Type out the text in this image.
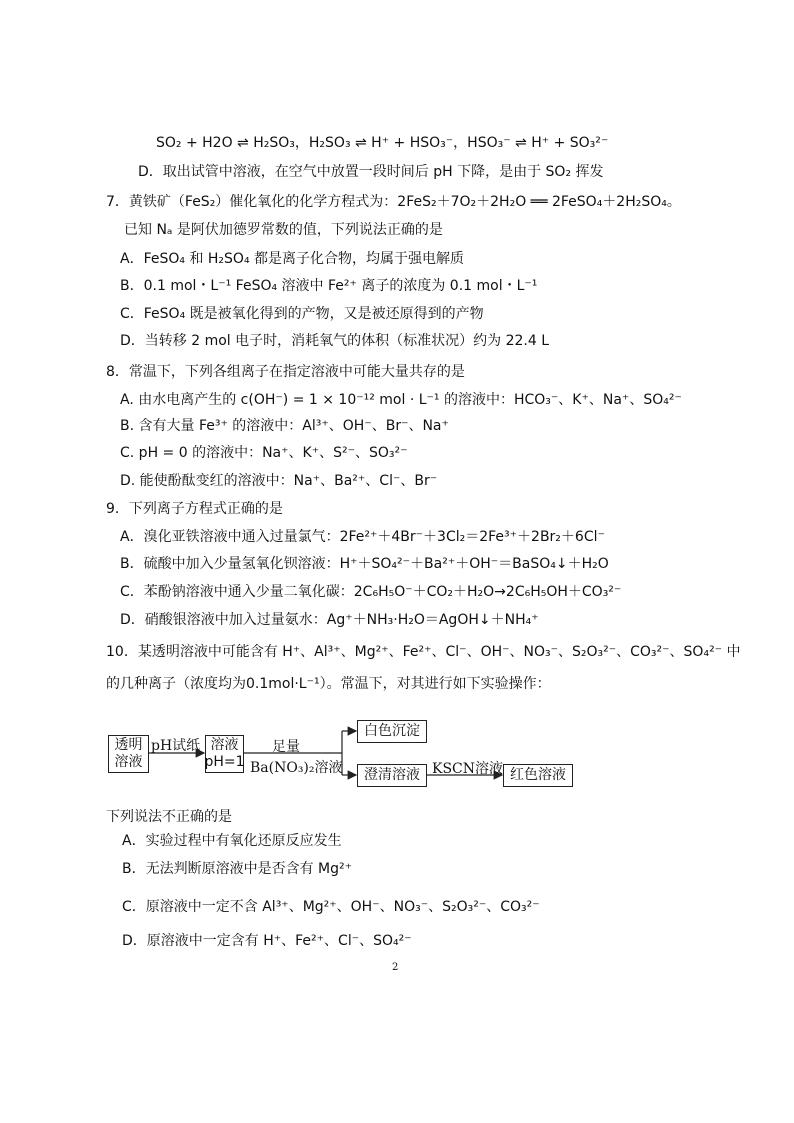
SO₂ + H2O ⇌ H₂SO₃，H₂SO₃ ⇌ H⁺ + HSO₃⁻，HSO₃⁻ ⇌ H⁺ + SO₃²⁻
D．取出试管中溶液，在空气中放置一段时间后 pH 下降，是由于 SO₂ 挥发
7．黄铁矿（FeS₂）催化氧化的化学方程式为：2FeS₂＋7O₂＋2H₂O ══ 2FeSO₄＋2H₂SO₄。
已知 Nₐ 是阿伏加德罗常数的值，下列说法正确的是
A．FeSO₄ 和 H₂SO₄ 都是离子化合物，均属于强电解质
B．0.1 mol・L⁻¹ FeSO₄ 溶液中 Fe²⁺ 离子的浓度为 0.1 mol・L⁻¹
C．FeSO₄ 既是被氧化得到的产物，又是被还原得到的产物
D．当转移 2 mol 电子时，消耗氧气的体积（标准状况）约为 22.4 L
8．常温下，下列各组离子在指定溶液中可能大量共存的是
A. 由水电离产生的 c(OH⁻) = 1 × 10⁻¹² mol · L⁻¹ 的溶液中：HCO₃⁻、K⁺、Na⁺、SO₄²⁻
B. 含有大量 Fe³⁺ 的溶液中：Al³⁺、OH⁻、Br⁻、Na⁺
C. pH = 0 的溶液中：Na⁺、K⁺、S²⁻、SO₃²⁻
D. 能使酚酞变红的溶液中：Na⁺、Ba²⁺、Cl⁻、Br⁻
9．下列离子方程式正确的是
A．溴化亚铁溶液中通入过量氯气：2Fe²⁺＋4Br⁻＋3Cl₂＝2Fe³⁺＋2Br₂＋6Cl⁻
B．硫酸中加入少量氢氧化钡溶液：H⁺＋SO₄²⁻＋Ba²⁺＋OH⁻＝BaSO₄↓＋H₂O
C．苯酚钠溶液中通入少量二氧化碳：2C₆H₅O⁻＋CO₂＋H₂O→2C₆H₅OH＋CO₃²⁻
D．硝酸银溶液中加入过量氨水：Ag⁺＋NH₃·H₂O＝AgOH↓＋NH₄⁺
10．某透明溶液中可能含有 H⁺、Al³⁺、Mg²⁺、Fe²⁺、Cl⁻、OH⁻、NO₃⁻、S₂O₃²⁻、CO₃²⁻、SO₄²⁻ 中
的几种离子（浓度均为0.1mol·L⁻¹）。常温下，对其进行如下实验操作：
透明
溶液
pH试纸 溶液
pH=1
足量
Ba(NO₃)₂溶液
白色沉淀
澄清溶液 KSCN溶液 红色溶液
下列说法不正确的是
A．实验过程中有氧化还原反应发生
B．无法判断原溶液中是否含有 Mg²⁺
C．原溶液中一定不含 Al³⁺、Mg²⁺、OH⁻、NO₃⁻、S₂O₃²⁻、CO₃²⁻
D．原溶液中一定含有 H⁺、Fe²⁺、Cl⁻、SO₄²⁻
2
